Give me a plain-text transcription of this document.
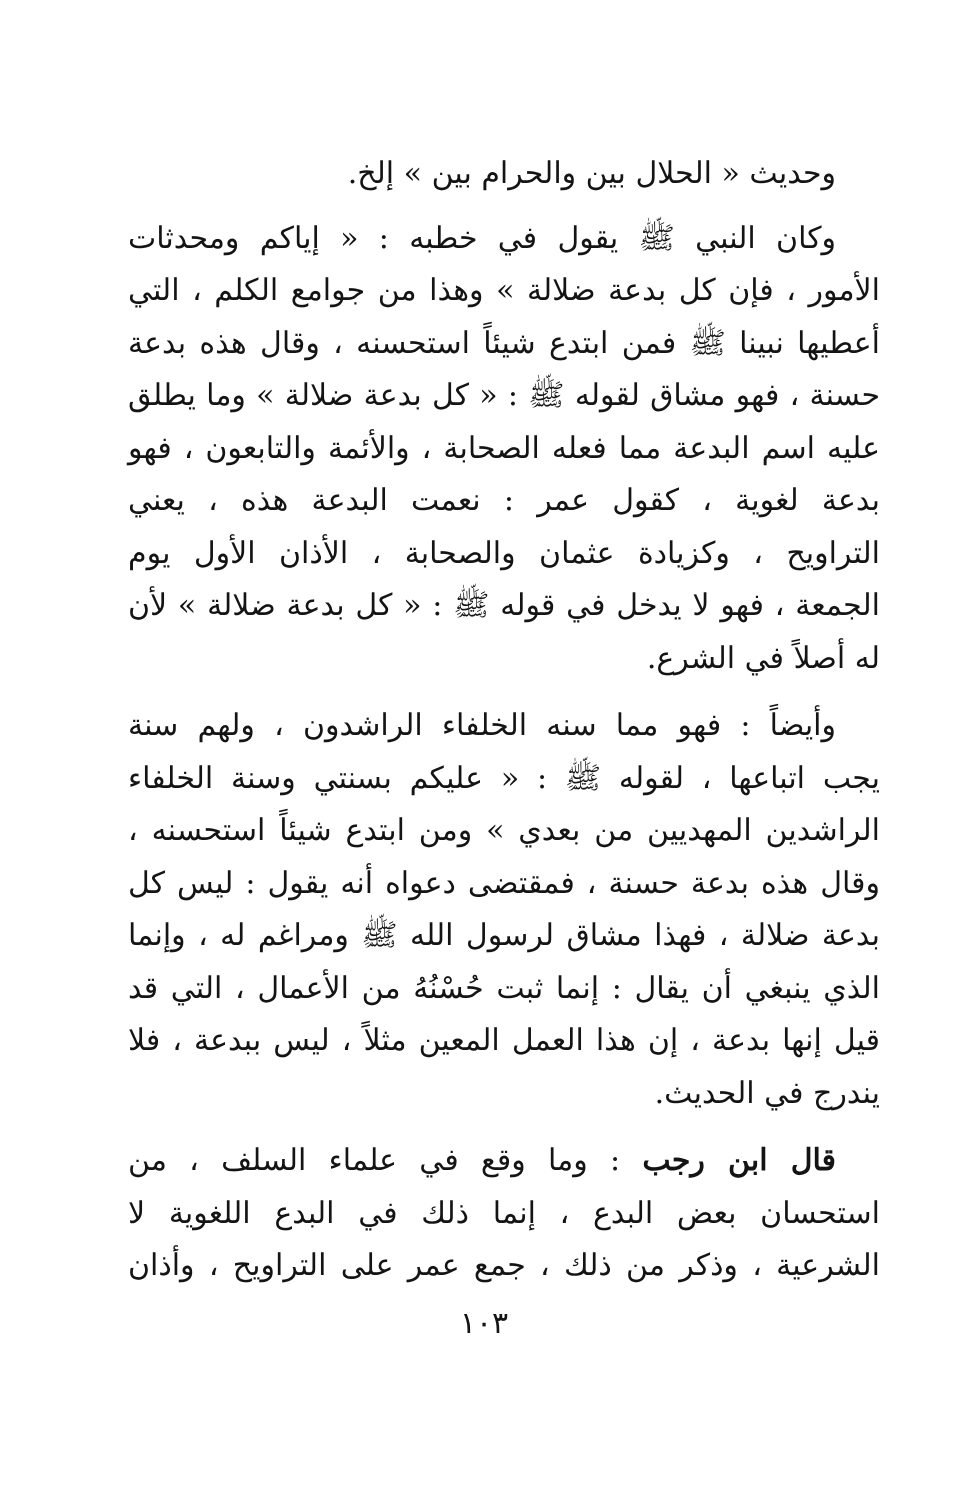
وحديث « الحلال بين والحرام بين » إلخ.

وكان النبي ﷺ يقول في خطبه : « إياكم ومحدثات
الأمور ، فإن كل بدعة ضلالة » وهذا من جوامع الكلم ، التي
أعطيها نبينا ﷺ فمن ابتدع شيئاً استحسنه ، وقال هذه بدعة
حسنة ، فهو مشاق لقوله ﷺ : « كل بدعة ضلالة » وما يطلق
عليه اسم البدعة مما فعله الصحابة ، والأئمة والتابعون ، فهو
بدعة لغوية ، كقول عمر : نعمت البدعة هذه ، يعني
التراويح ، وكزيادة عثمان والصحابة ، الأذان الأول يوم
الجمعة ، فهو لا يدخل في قوله ﷺ : « كل بدعة ضلالة » لأن
له أصلاً في الشرع.

وأيضاً : فهو مما سنه الخلفاء الراشدون ، ولهم سنة
يجب اتباعها ، لقوله ﷺ : « عليكم بسنتي وسنة الخلفاء
الراشدين المهديين من بعدي » ومن ابتدع شيئاً استحسنه ،
وقال هذه بدعة حسنة ، فمقتضى دعواه أنه يقول : ليس كل
بدعة ضلالة ، فهذا مشاق لرسول الله ﷺ ومراغم له ، وإنما
الذي ينبغي أن يقال : إنما ثبت حُسْنُهُ من الأعمال ، التي قد
قيل إنها بدعة ، إن هذا العمل المعين مثلاً ، ليس ببدعة ، فلا
يندرج في الحديث.

قال ابن رجب : وما وقع في علماء السلف ، من
استحسان بعض البدع ، إنما ذلك في البدع اللغوية لا
الشرعية ، وذكر من ذلك ، جمع عمر على التراويح ، وأذان

١٠٣
